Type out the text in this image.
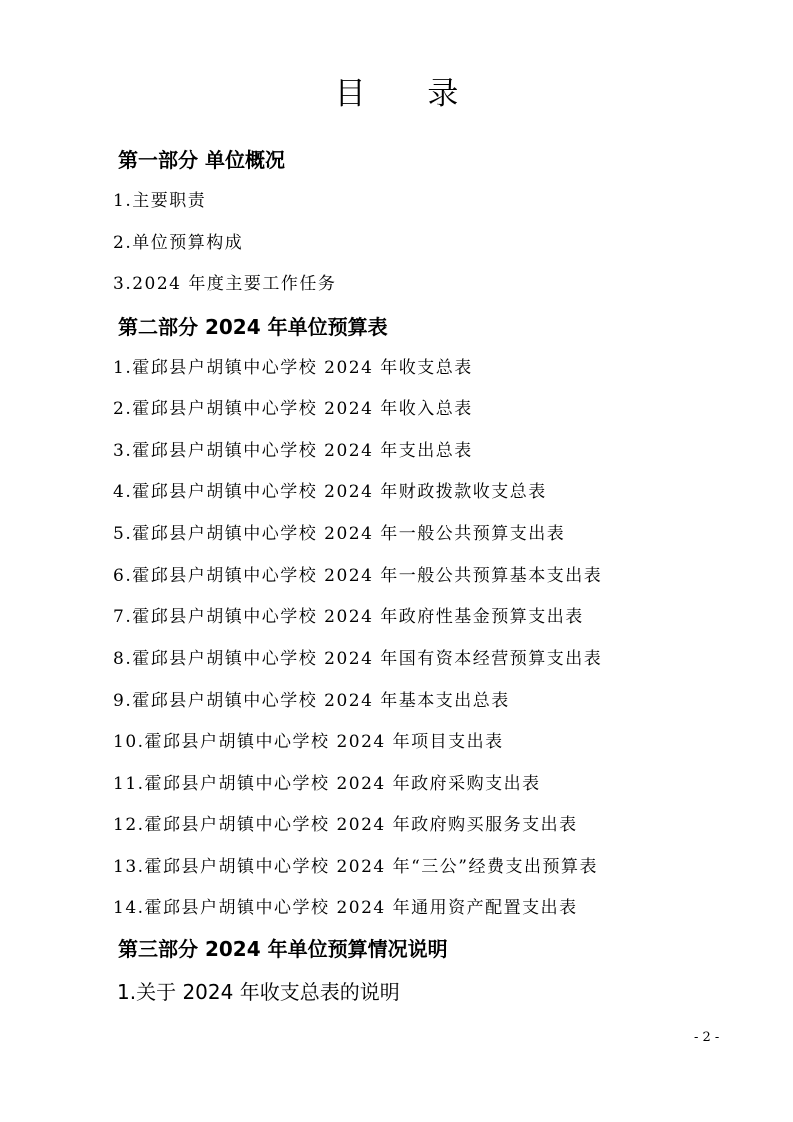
目 录
第一部分 单位概况
1.主要职责
2.单位预算构成
3.2024 年度主要工作任务
第二部分 2024 年单位预算表
1.霍邱县户胡镇中心学校 2024 年收支总表
2.霍邱县户胡镇中心学校 2024 年收入总表
3.霍邱县户胡镇中心学校 2024 年支出总表
4.霍邱县户胡镇中心学校 2024 年财政拨款收支总表
5.霍邱县户胡镇中心学校 2024 年一般公共预算支出表
6.霍邱县户胡镇中心学校 2024 年一般公共预算基本支出表
7.霍邱县户胡镇中心学校 2024 年政府性基金预算支出表
8.霍邱县户胡镇中心学校 2024 年国有资本经营预算支出表
9.霍邱县户胡镇中心学校 2024 年基本支出总表
10.霍邱县户胡镇中心学校 2024 年项目支出表
11.霍邱县户胡镇中心学校 2024 年政府采购支出表
12.霍邱县户胡镇中心学校 2024 年政府购买服务支出表
13.霍邱县户胡镇中心学校 2024 年“三公”经费支出预算表
14.霍邱县户胡镇中心学校 2024 年通用资产配置支出表
第三部分 2024 年单位预算情况说明
1.关于 2024 年收支总表的说明
- 2 -
